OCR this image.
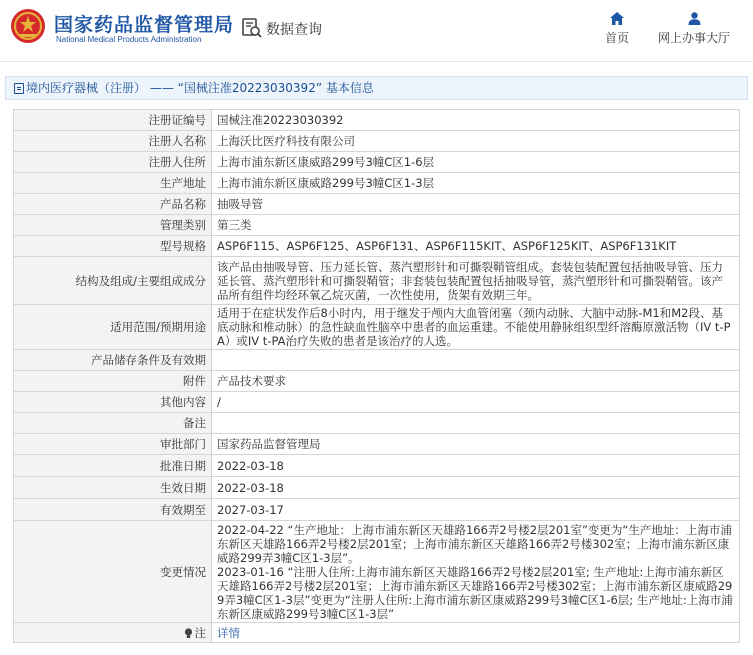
国家药品监督管理局
National Medical Products Administration
数据查询	首页	网上办事大厅
境内医疗器械（注册） —— “国械注准20223030392” 基本信息
注册证编号	国械注准20223030392
注册人名称	上海沃比医疗科技有限公司
注册人住所	上海市浦东新区康威路299号3幢C区1-6层
生产地址	上海市浦东新区康威路299号3幢C区1-3层
产品名称	抽吸导管
管理类别	第三类
型号规格	ASP6F115、ASP6F125、ASP6F131、ASP6F115KIT、ASP6F125KIT、ASP6F131KIT
结构及组成/主要组成成分	该产品由抽吸导管、压力延长管、蒸汽塑形针和可撕裂鞘管组成。套装包装配置包括抽吸导管、压力延长管、蒸汽塑形针和可撕裂鞘管；非套装包装配置包括抽吸导管，蒸汽塑形针和可撕裂鞘管。该产品所有组件均经环氧乙烷灭菌，一次性使用，货架有效期三年。
适用范围/预期用途	适用于在症状发作后8小时内，用于继发于颅内大血管闭塞（颈内动脉、大脑中动脉-M1和M2段、基底动脉和椎动脉）的急性缺血性脑卒中患者的血运重建。不能使用静脉组织型纤溶酶原激活物（IV t-PA）或IV t-PA治疗失败的患者是该治疗的人选。
产品储存条件及有效期	
附件	产品技术要求
其他内容	/
备注	
审批部门	国家药品监督管理局
批准日期	2022-03-18
生效日期	2022-03-18
有效期至	2027-03-17
变更情况	2022-04-22 “生产地址：上海市浦东新区天雄路166弄2号楼2层201室”变更为“生产地址：上海市浦东新区天雄路166弄2号楼2层201室；上海市浦东新区天雄路166弄2号楼302室；上海市浦东新区康威路299弄3幢C区1-3层”。
2023-01-16 “注册人住所:上海市浦东新区天雄路166弄2号楼2层201室; 生产地址:上海市浦东新区天雄路166弄2号楼2层201室；上海市浦东新区天雄路166弄2号楼302室；上海市浦东新区康威路299弄3幢C区1-3层”变更为“注册人住所:上海市浦东新区康威路299号3幢C区1-6层; 生产地址:上海市浦东新区康威路299号3幢C区1-3层”

注	详情
